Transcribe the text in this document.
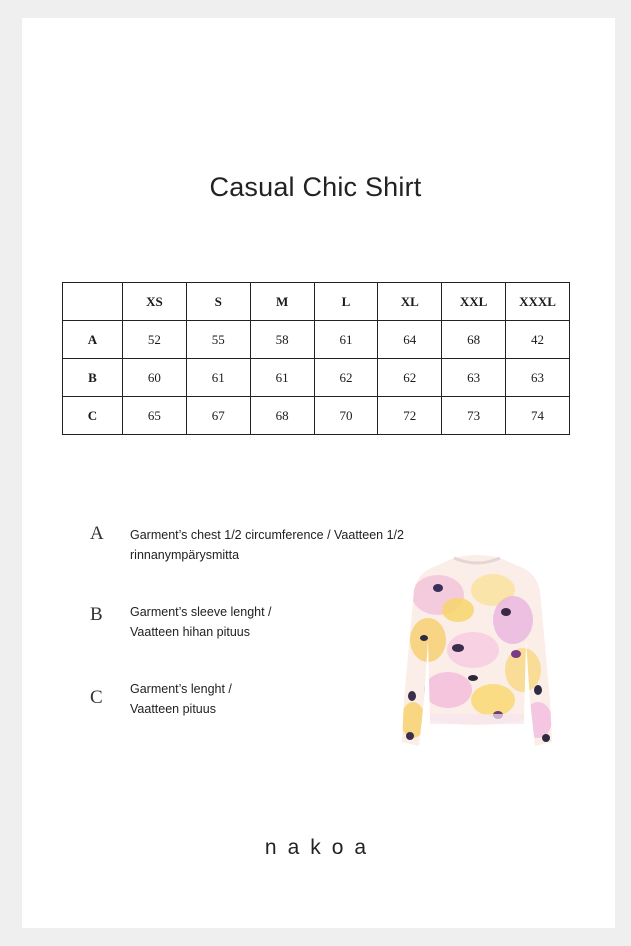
Casual Chic Shirt
	XS	S	M	L	XL	XXL	XXXL
A	52	55	58	61	64	68	42
B	60	61	61	62	62	63	63
C	65	67	68	70	72	73	74
A	Garment’s chest 1/2 circumference / Vaatteen 1/2
rinnanympärysmitta
B	Garment’s sleeve lenght /
Vaatteen hihan pituus
C	Garment’s lenght /
Vaatteen pituus
nakoa
